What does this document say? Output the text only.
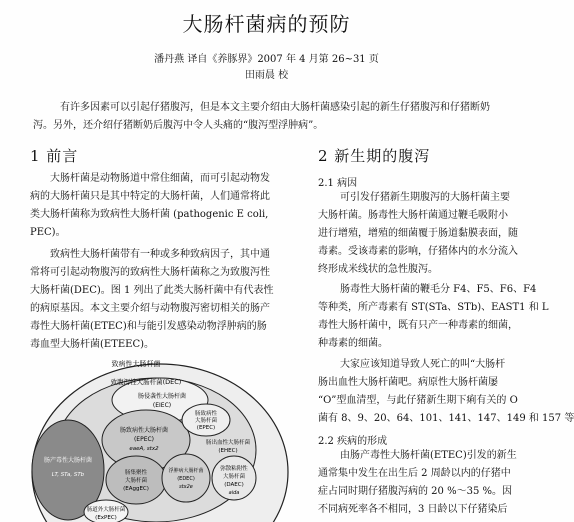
大肠杆菌病的预防
潘丹燕 译自《养豚界》2007 年 4 月第 26~31 页
田雨晨 校
有许多因素可以引起仔猪腹泻，但是本文主要介绍由大肠杆菌感染引起的新生仔猪腹泻和仔猪断奶
泻。另外，还介绍仔猪断奶后腹泻中令人头痛的“腹泻型浮肿病”。
1 前言
大肠杆菌是动物肠道中常住细菌，而可引起动物发
病的大肠杆菌只是其中特定的大肠杆菌，人们通常将此
类大肠杆菌称为致病性大肠杆菌 (pathogenic E coli,
PEC)。
致病性大肠杆菌带有一种或多种致病因子，其中通
常将可引起动物腹泻的致病性大肠杆菌称之为致腹泻性
大肠杆菌(DEC)。图 1 列出了此类大肠杆菌中有代表性
的病原基因。本文主要介绍与动物腹泻密切相关的肠产
毒性大肠杆菌(ETEC)和与能引发感染动物浮肿病的肠
毒血型大肠杆菌(ETEEC)。
致病性大肠杆菌
致腹泻性大肠杆菌(DEC)
肠侵袭性大肠杆菌
(EIEC)
肠致病性大肠杆菌
(EPEC)
eaeA, stx2
肠致病性
大肠杆菌
(EPEC)
肠出血性大肠杆菌
(EHEC)
肠产毒性大肠杆菌
LT, STa, STb	肠集聚性
大肠杆菌
(EAggEC)
浮肿病大肠杆菌
(EDEC)
stx2e
弥散粘附性
大肠杆菌
(DAEC)
aida
肠道外大肠杆菌
(ExPEC)
2 新生期的腹泻
2.1 病因
可引发仔猪新生期腹泻的大肠杆菌主要
大肠杆菌。肠毒性大肠杆菌通过鞭毛吸附小
进行增殖，增殖的细菌覆于肠道黏膜表面，随
毒素。受该毒素的影响，仔猪体内的水分流入
终形成米线状的急性腹泻。
肠毒性大肠杆菌的鞭毛分 F4、F5、F6、F4
等种类，所产毒素有 ST(STa、STb)、EAST1 和 L
毒性大肠杆菌中，既有只产一种毒素的细菌，
种毒素的细菌。
大家应该知道导致人死亡的叫“大肠杆
肠出血性大肠杆菌吧。病原性大肠杆菌屡
“O”型血清型，与此仔猪新生期下痢有关的 O
菌有 8、9、20、64、101、141、147、149 和 157 等
2.2 疾病的形成
由肠产毒性大肠杆菌(ETEC)引发的新生
通常集中发生在出生后 2 周龄以内的仔猪中
症占同时期仔猪腹泻病的 20 %～35 %。因
不同病死率各不相同，3 日龄以下仔猪染后
